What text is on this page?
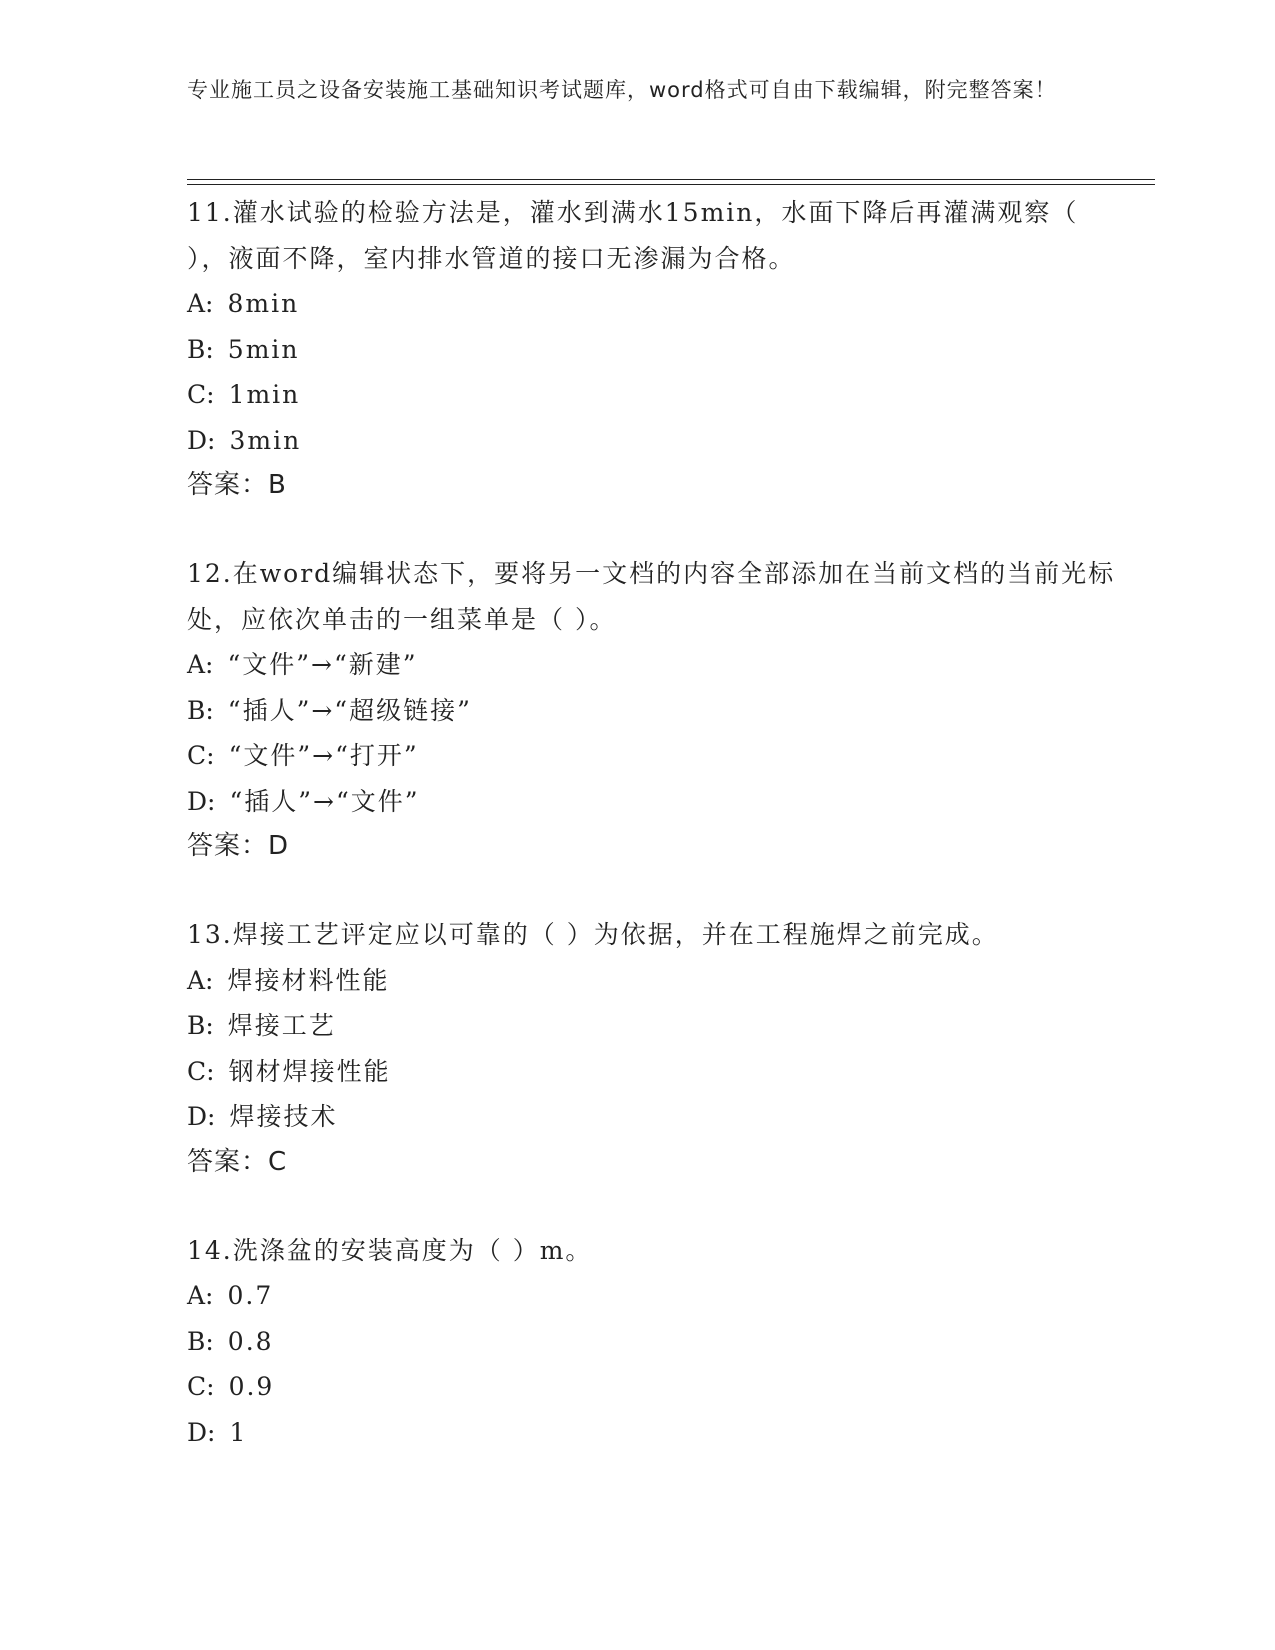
专业施工员之设备安装施工基础知识考试题库，word格式可自由下载编辑，附完整答案！
11.灌水试验的检验方法是，灌水到满水15min，水面下降后再灌满观察（ ），液面不降，室内排水管道的接口无渗漏为合格。
A: 8min
B: 5min
C: 1min
D: 3min
答案：B
12.在word编辑状态下，要将另一文档的内容全部添加在当前文档的当前光标处，应依次单击的一组菜单是（ ）。
A: “文件”→“新建”
B: “插人”→“超级链接”
C: “文件”→“打开”
D: “插人”→“文件”
答案：D
13.焊接工艺评定应以可靠的（ ）为依据，并在工程施焊之前完成。
A: 焊接材料性能
B: 焊接工艺
C: 钢材焊接性能
D: 焊接技术
答案：C
14.洗涤盆的安装高度为（ ）m。
A: 0.7
B: 0.8
C: 0.9
D: 1
